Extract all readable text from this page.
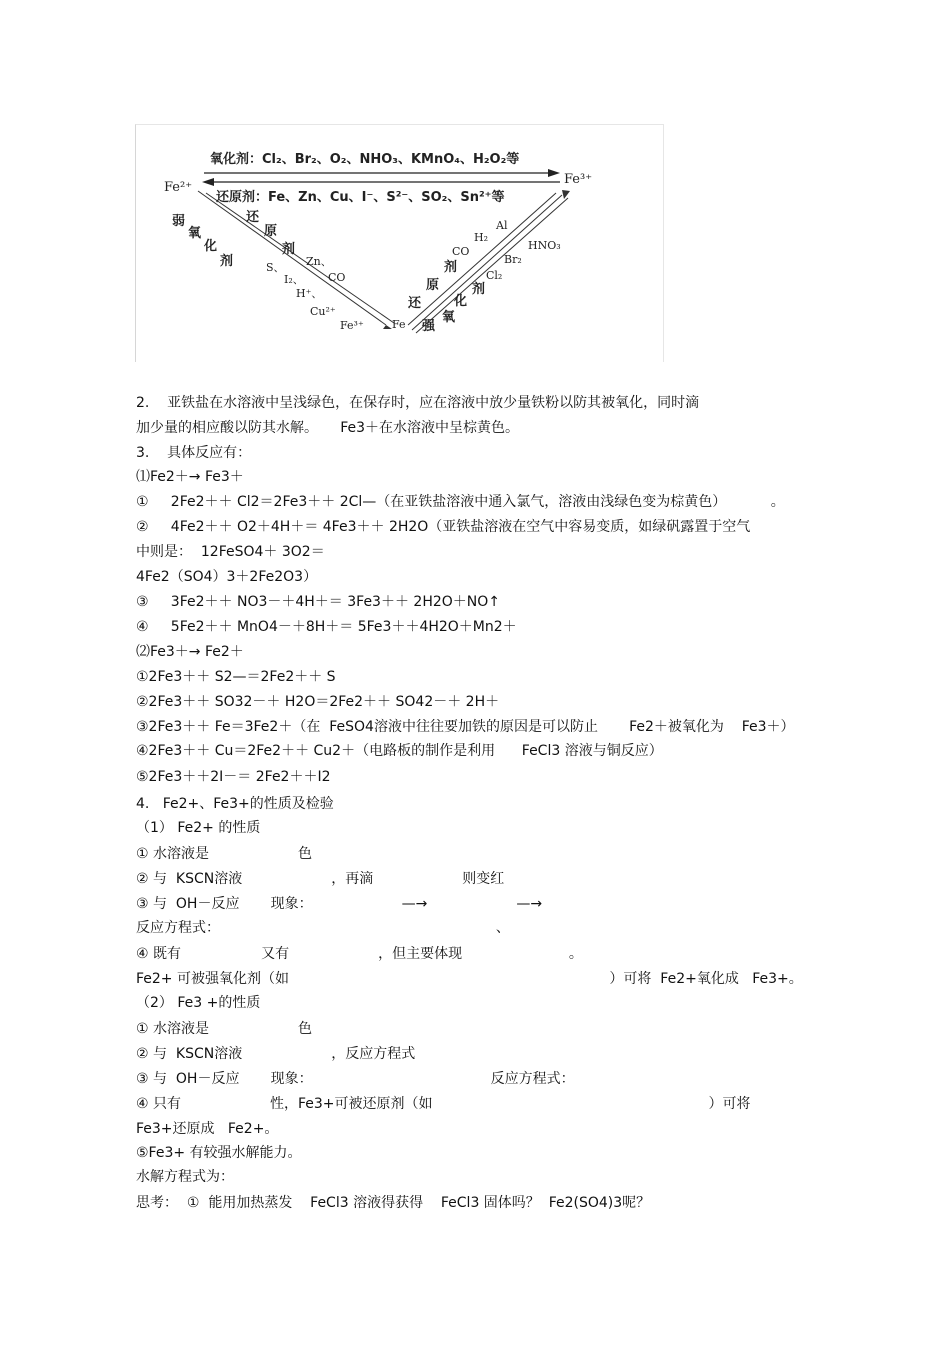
氧化剂：Cl₂、Br₂、O₂、NHO₃、KMnO₄、H₂O₂等
还原剂：Fe、Zn、Cu、I⁻、S²⁻、SO₂、Sn²⁺等
Fe²⁺
Fe³⁺
Fe
Fe³⁺
弱
氧
化
还
原
剂
剂	S、
I₂、
H⁺、
Cu²⁺
Zn、
CO
还
原
剂
化
剂
氧
强
Al
H₂
CO	HNO₃
Br₂
Cl₂
2.    亚铁盐在水溶液中呈浅绿色，在保存时，应在溶液中放少量铁粉以防其被氧化，同时滴
加少量的相应酸以防其水解。     Fe3＋在水溶液中呈棕黄色。
3.    具体反应有：
⑴Fe2＋→ Fe3＋
①     2Fe2＋＋ Cl2＝2Fe3＋＋ 2Cl—（在亚铁盐溶液中通入氯气，溶液由浅绿色变为棕黄色）          。
②     4Fe2＋＋ O2＋4H＋＝ 4Fe3＋＋ 2H2O（亚铁盐溶液在空气中容易变质，如绿矾露置于空气
中则是：  12FeSO4＋ 3O2＝
4Fe2（SO4）3＋2Fe2O3）
③     3Fe2＋＋ NO3－＋4H＋＝ 3Fe3＋＋ 2H2O＋NO↑
④     5Fe2＋＋ MnO4－＋8H＋＝ 5Fe3＋＋4H2O＋Mn2＋
⑵Fe3＋→ Fe2＋
①2Fe3＋＋ S2—＝2Fe2＋＋ S
②2Fe3＋＋ SO32－＋ H2O＝2Fe2＋＋ SO42－＋ 2H＋
③2Fe3＋＋ Fe＝3Fe2＋（在  FeSO4溶液中往往要加铁的原因是可以防止       Fe2＋被氧化为    Fe3＋）
④2Fe3＋＋ Cu＝2Fe2＋＋ Cu2＋（电路板的制作是利用      FeCl3 溶液与铜反应）
⑤2Fe3＋＋2I－＝ 2Fe2＋＋I2
4.   Fe2+、Fe3+的性质及检验
（1） Fe2+ 的性质
① 水溶液是                    色
② 与  KSCN溶液                    ，再滴                    则变红
③ 与  OH－反应       现象：                    —→                    —→
反应方程式：                                                              、
④ 既有                  又有                    ，但主要体现                        。
Fe2+ 可被强氧化剂（如                                                                        ）可将  Fe2+氧化成   Fe3+。
（2） Fe3 +的性质
① 水溶液是                    色
② 与  KSCN溶液                    ，反应方程式
③ 与  OH－反应       现象：                                        反应方程式：
④ 只有                    性，Fe3+可被还原剂（如                                                              ）可将
Fe3+还原成   Fe2+。
⑤Fe3+ 有较强水解能力。
水解方程式为：
思考：  ①  能用加热蒸发    FeCl3 溶液得获得    FeCl3 固体吗？  Fe2(SO4)3呢？
